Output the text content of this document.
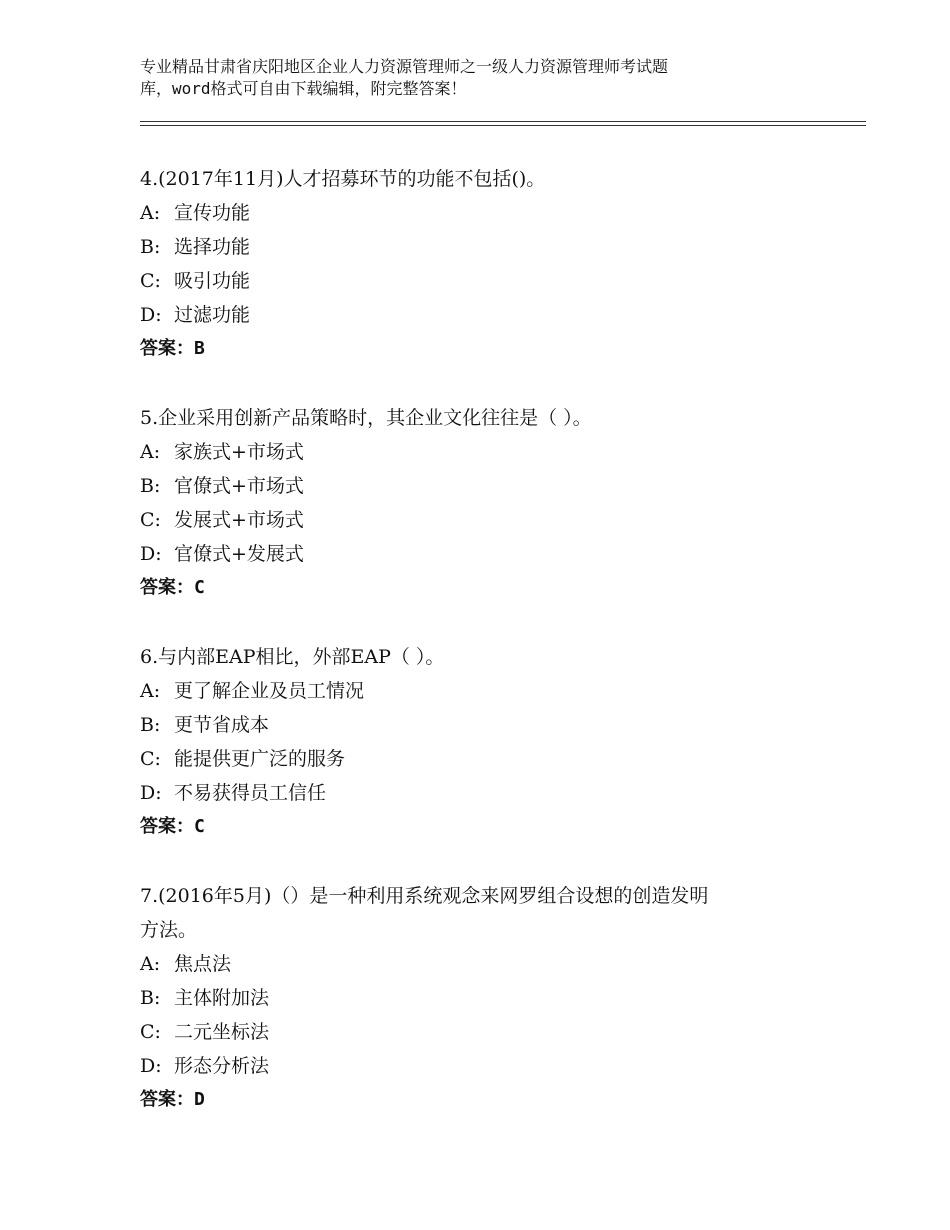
专业精品甘肃省庆阳地区企业人力资源管理师之一级人力资源管理师考试题
库，word格式可自由下载编辑，附完整答案！
4.(2017年11月)人才招募环节的功能不包括()。
A: 宣传功能
B: 选择功能
C: 吸引功能
D: 过滤功能
答案：B
5.企业采用创新产品策略时，其企业文化往往是（ ）。
A: 家族式+市场式
B: 官僚式+市场式
C: 发展式+市场式
D: 官僚式+发展式
答案：C
6.与内部EAP相比，外部EAP（ ）。
A: 更了解企业及员工情况
B: 更节省成本
C: 能提供更广泛的服务
D: 不易获得员工信任
答案：C
7.(2016年5月)（）是一种利用系统观念来网罗组合设想的创造发明
方法。
A: 焦点法
B: 主体附加法
C: 二元坐标法
D: 形态分析法
答案：D
